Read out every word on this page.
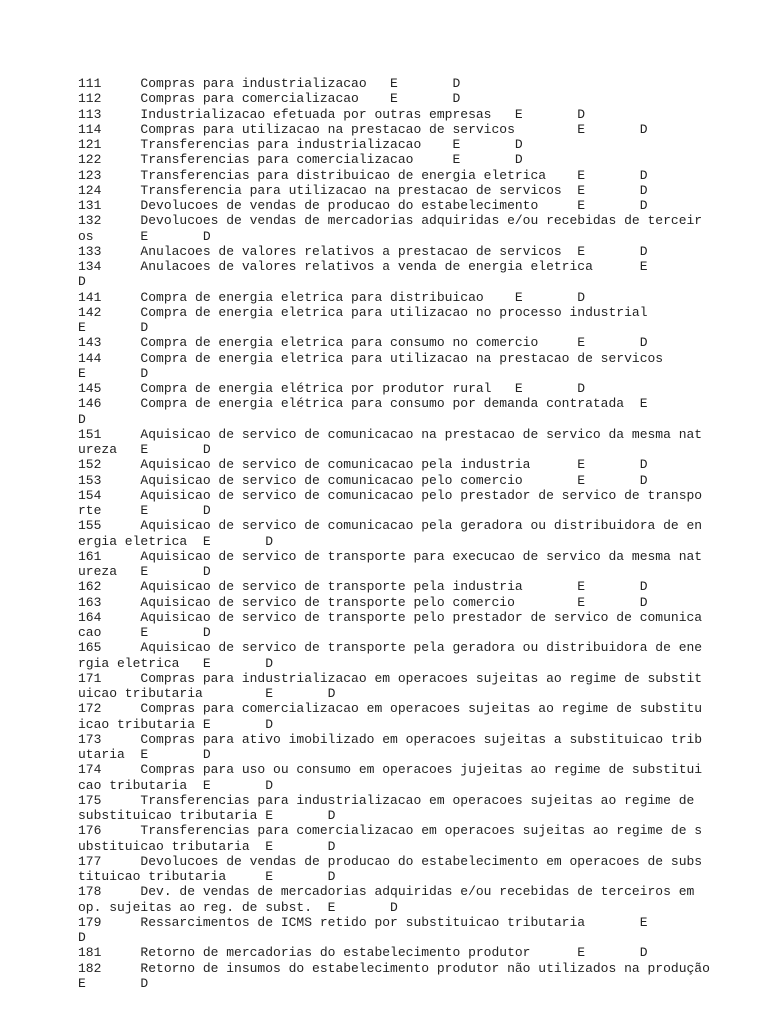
111     Compras para industrializacao   E       D
112     Compras para comercializacao    E       D
113     Industrializacao efetuada por outras empresas   E       D
114     Compras para utilizacao na prestacao de servicos        E       D
121     Transferencias para industrializacao    E       D
122     Transferencias para comercializacao     E       D
123     Transferencias para distribuicao de energia eletrica    E       D
124     Transferencia para utilizacao na prestacao de servicos  E       D
131     Devolucoes de vendas de producao do estabelecimento     E       D
132     Devolucoes de vendas de mercadorias adquiridas e/ou recebidas de terceir
os      E       D
133     Anulacoes de valores relativos a prestacao de servicos  E       D
134     Anulacoes de valores relativos a venda de energia eletrica      E
D
141     Compra de energia eletrica para distribuicao    E       D
142     Compra de energia eletrica para utilizacao no processo industrial
E       D
143     Compra de energia eletrica para consumo no comercio     E       D
144     Compra de energia eletrica para utilizacao na prestacao de servicos
E       D
145     Compra de energia elétrica por produtor rural   E       D
146     Compra de energia elétrica para consumo por demanda contratada  E
D
151     Aquisicao de servico de comunicacao na prestacao de servico da mesma nat
ureza   E       D
152     Aquisicao de servico de comunicacao pela industria      E       D
153     Aquisicao de servico de comunicacao pelo comercio       E       D
154     Aquisicao de servico de comunicacao pelo prestador de servico de transpo
rte     E       D
155     Aquisicao de servico de comunicacao pela geradora ou distribuidora de en
ergia eletrica  E       D
161     Aquisicao de servico de transporte para execucao de servico da mesma nat
ureza   E       D
162     Aquisicao de servico de transporte pela industria       E       D
163     Aquisicao de servico de transporte pelo comercio        E       D
164     Aquisicao de servico de transporte pelo prestador de servico de comunica
cao     E       D
165     Aquisicao de servico de transporte pela geradora ou distribuidora de ene
rgia eletrica   E       D
171     Compras para industrializacao em operacoes sujeitas ao regime de substit
uicao tributaria        E       D
172     Compras para comercializacao em operacoes sujeitas ao regime de substitu
icao tributaria E       D
173     Compras para ativo imobilizado em operacoes sujeitas a substituicao trib
utaria  E       D
174     Compras para uso ou consumo em operacoes jujeitas ao regime de substitui
cao tributaria  E       D
175     Transferencias para industrializacao em operacoes sujeitas ao regime de
substituicao tributaria E       D
176     Transferencias para comercializacao em operacoes sujeitas ao regime de s
ubstituicao tributaria  E       D
177     Devolucoes de vendas de producao do estabelecimento em operacoes de subs
tituicao tributaria     E       D
178     Dev. de vendas de mercadorias adquiridas e/ou recebidas de terceiros em
op. sujeitas ao reg. de subst.  E       D
179     Ressarcimentos de ICMS retido por substituicao tributaria       E
D
181     Retorno de mercadorias do estabelecimento produtor      E       D
182     Retorno de insumos do estabelecimento produtor não utilizados na produção
E       D
